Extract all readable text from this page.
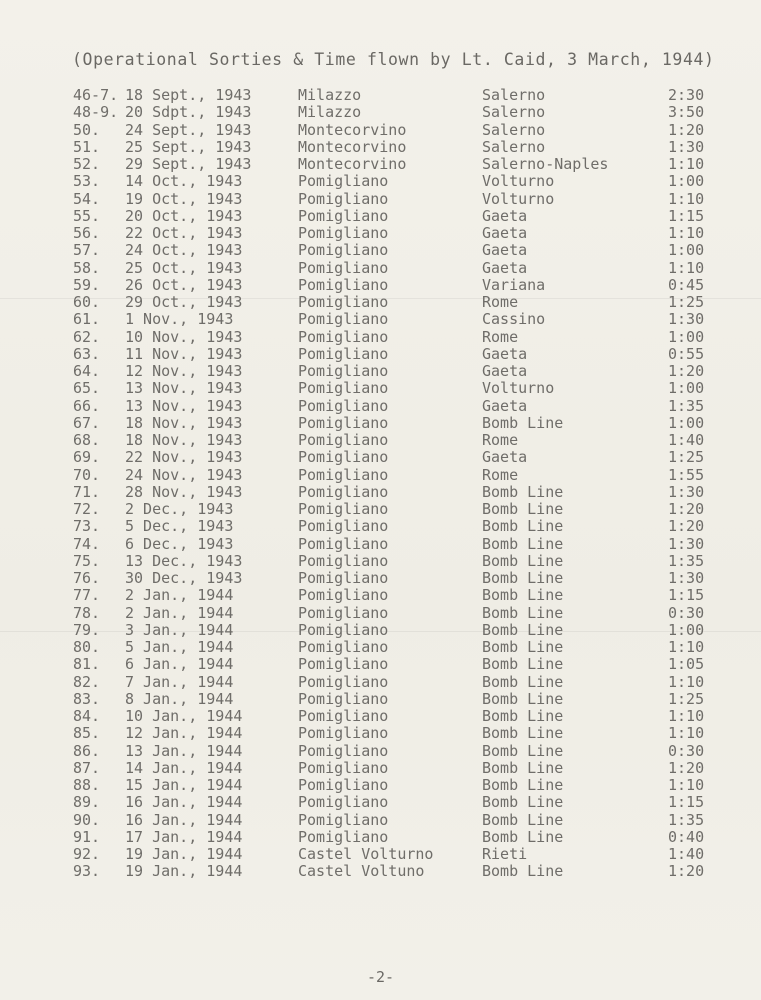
(Operational Sorties & Time flown by Lt. Caid, 3 March, 1944)
46-7. 18 Sept., 1943	Milazzo	Salerno	2:30
48-9. 20 Sdpt., 1943	Milazzo	Salerno	3:50
50. 24 Sept., 1943	Montecorvino	Salerno	1:20
51. 25 Sept., 1943	Montecorvino	Salerno	1:30
52. 29 Sept., 1943	Montecorvino	Salerno-Naples	1:10
53. 14 Oct., 1943	Pomigliano	Volturno	1:00
54. 19 Oct., 1943	Pomigliano	Volturno	1:10
55. 20 Oct., 1943	Pomigliano	Gaeta	1:15
56. 22 Oct., 1943	Pomigliano	Gaeta	1:10
57. 24 Oct., 1943	Pomigliano	Gaeta	1:00
58. 25 Oct., 1943	Pomigliano	Gaeta	1:10
59. 26 Oct., 1943	Pomigliano	Variana	0:45
60. 29 Oct., 1943	Pomigliano	Rome	1:25
61. 1 Nov., 1943	Pomigliano	Cassino	1:30
62. 10 Nov., 1943	Pomigliano	Rome	1:00
63. 11 Nov., 1943	Pomigliano	Gaeta	0:55
64. 12 Nov., 1943	Pomigliano	Gaeta	1:20
65. 13 Nov., 1943	Pomigliano	Volturno	1:00
66. 13 Nov., 1943	Pomigliano	Gaeta	1:35
67. 18 Nov., 1943	Pomigliano	Bomb Line	1:00
68. 18 Nov., 1943	Pomigliano	Rome	1:40
69. 22 Nov., 1943	Pomigliano	Gaeta	1:25
70. 24 Nov., 1943	Pomigliano	Rome	1:55
71. 28 Nov., 1943	Pomigliano	Bomb Line	1:30
72. 2 Dec., 1943	Pomigliano	Bomb Line	1:20
73. 5 Dec., 1943	Pomigliano	Bomb Line	1:20
74. 6 Dec., 1943	Pomigliano	Bomb Line	1:30
75. 13 Dec., 1943	Pomigliano	Bomb Line	1:35
76. 30 Dec., 1943	Pomigliano	Bomb Line	1:30
77. 2 Jan., 1944	Pomigliano	Bomb Line	1:15
78. 2 Jan., 1944	Pomigliano	Bomb Line	0:30
79. 3 Jan., 1944	Pomigliano	Bomb Line	1:00
80. 5 Jan., 1944	Pomigliano	Bomb Line	1:10
81. 6 Jan., 1944	Pomigliano	Bomb Line	1:05
82. 7 Jan., 1944	Pomigliano	Bomb Line	1:10
83. 8 Jan., 1944	Pomigliano	Bomb Line	1:25
84. 10 Jan., 1944	Pomigliano	Bomb Line	1:10
85. 12 Jan., 1944	Pomigliano	Bomb Line	1:10
86. 13 Jan., 1944	Pomigliano	Bomb Line	0:30
87. 14 Jan., 1944	Pomigliano	Bomb Line	1:20
88. 15 Jan., 1944	Pomigliano	Bomb Line	1:10
89. 16 Jan., 1944	Pomigliano	Bomb Line	1:15
90. 16 Jan., 1944	Pomigliano	Bomb Line	1:35
91. 17 Jan., 1944	Pomigliano	Bomb Line	0:40
92. 19 Jan., 1944	Castel Volturno	Rieti	1:40
93. 19 Jan., 1944	Castel Voltuno	Bomb Line	1:20
-2-
